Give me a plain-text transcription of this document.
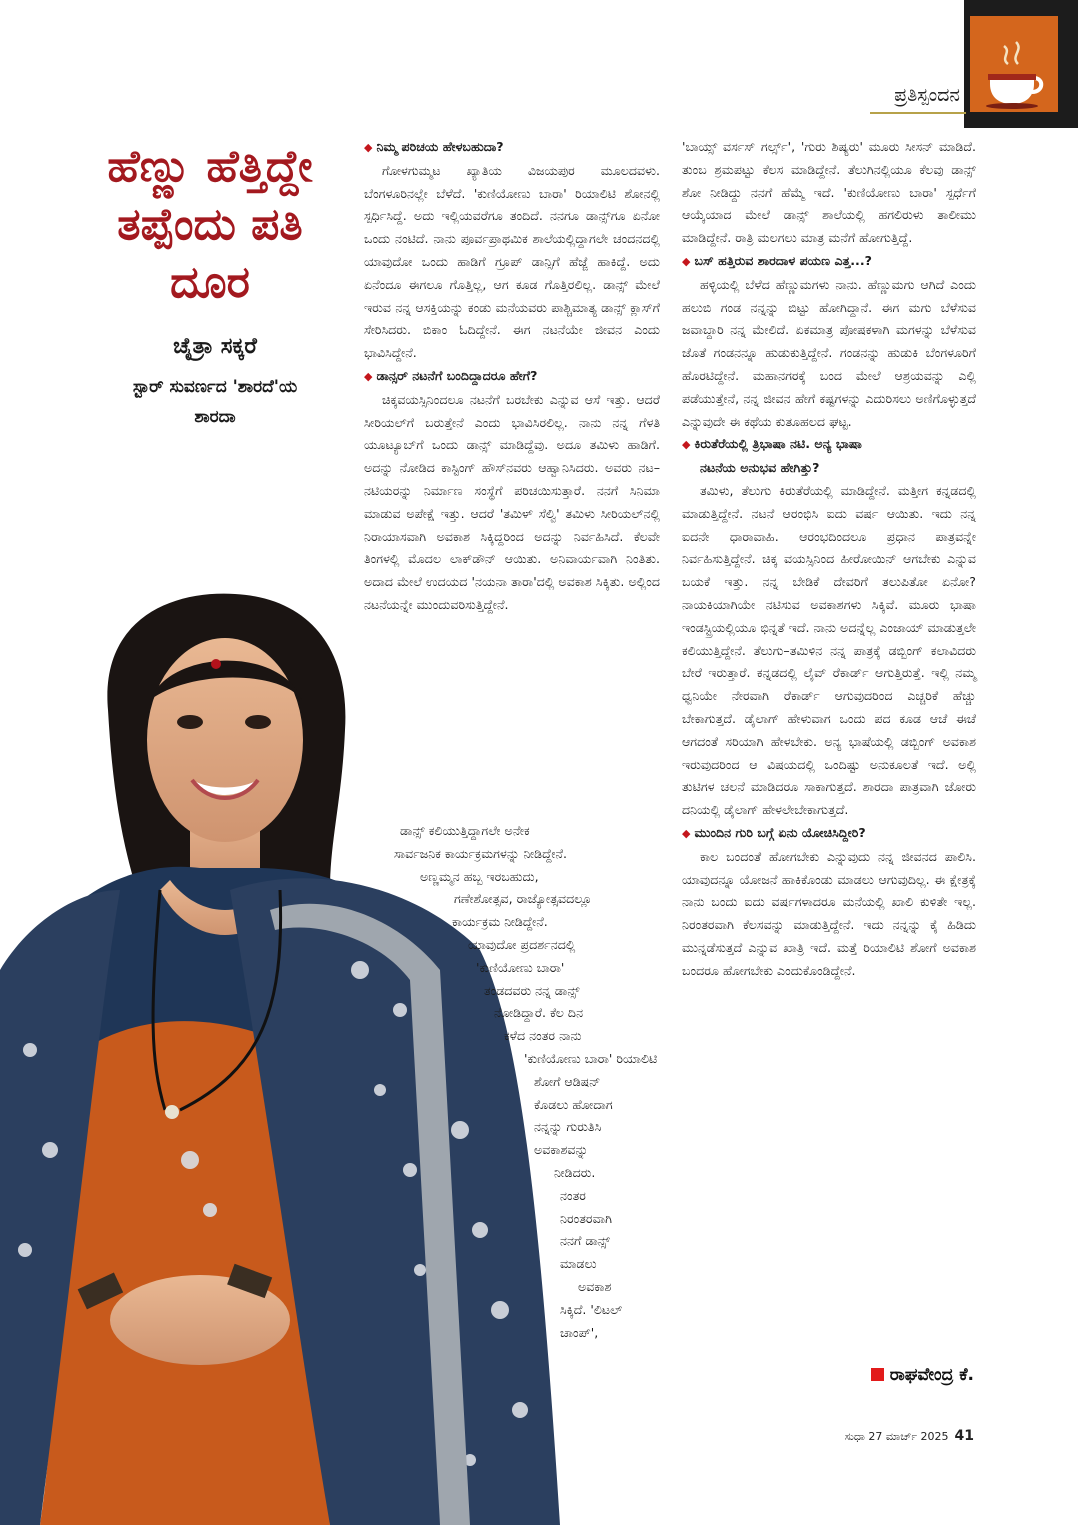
ಪ್ರತಿಸ್ಪಂದನ
ಹೆಣ್ಣು ಹೆತ್ತಿದ್ದೇ
ತಪ್ಪೆಂದು ಪತಿ
ದೂರ
ಚೈತ್ರಾ ಸಕ್ಕರೆ
ಸ್ಟಾರ್ ಸುವರ್ಣದ 'ಶಾರದೆ'ಯ
ಶಾರದಾ

◆ ನಿಮ್ಮ ಪರಿಚಯ ಹೇಳಬಹುದಾ?

ಗೋಳಗುಮ್ಮಟ ಖ್ಯಾತಿಯ ವಿಜಯಪುರ ಮೂಲದವಳು. ಬೆಂಗಳೂರಿನಲ್ಲೇ ಬೆಳೆದೆ. 'ಕುಣಿಯೋಣು ಬಾರಾ' ರಿಯಾಲಿಟಿ ಶೋನಲ್ಲಿ ಸ್ಪರ್ಧಿಸಿದ್ದೆ. ಅದು ಇಲ್ಲಿಯವರೆಗೂ ತಂದಿದೆ. ನನಗೂ ಡಾನ್ಸ್‌ಗೂ ಏನೋ ಒಂದು ನಂಟಿದೆ. ನಾನು ಪೂರ್ವಪ್ರಾಥಮಿಕ ಶಾಲೆಯಲ್ಲಿದ್ದಾಗಲೇ ಚಂದನದಲ್ಲಿ ಯಾವುದೋ ಒಂದು ಹಾಡಿಗೆ ಗ್ರೂಪ್ ಡಾನ್ಸಿಗೆ ಹೆಜ್ಜೆ ಹಾಕಿದ್ದೆ. ಅದು ಏನೆಂದೂ ಈಗಲೂ ಗೊತ್ತಿಲ್ಲ, ಆಗ ಕೂಡ ಗೊತ್ತಿರಲಿಲ್ಲ. ಡಾನ್ಸ್ ಮೇಲೆ ಇರುವ ನನ್ನ ಆಸಕ್ತಿಯನ್ನು ಕಂಡು ಮನೆಯವರು ಪಾಶ್ಚಿಮಾತ್ಯ ಡಾನ್ಸ್ ಕ್ಲಾಸ್‌ಗೆ ಸೇರಿಸಿದರು. ಬಿಕಾಂ ಓದಿದ್ದೇನೆ. ಈಗ ನಟನೆಯೇ ಜೀವನ ಎಂದು ಭಾವಿಸಿದ್ದೇನೆ.

◆ ಡಾನ್ಸರ್ ನಟನೆಗೆ ಬಂದಿದ್ದಾದರೂ ಹೇಗೆ?

ಚಿಕ್ಕವಯಸ್ಸಿನಿಂದಲೂ ನಟನೆಗೆ ಬರಬೇಕು ಎನ್ನುವ ಆಸೆ ಇತ್ತು. ಆದರೆ ಸೀರಿಯಲ್‌ಗೆ ಬರುತ್ತೇನೆ ಎಂದು ಭಾವಿಸಿರಲಿಲ್ಲ. ನಾನು ನನ್ನ ಗೆಳತಿ ಯೂಟ್ಯೂಬ್‌ಗೆ ಒಂದು ಡಾನ್ಸ್ ಮಾಡಿದ್ದೆವು. ಅದೂ ತಮಿಳು ಹಾಡಿಗೆ. ಅದನ್ನು ನೋಡಿದ ಕಾಸ್ಟಿಂಗ್ ಹೌಸ್‌ನವರು ಆಹ್ವಾನಿಸಿದರು. ಅವರು ನಟ–ನಟಿಯರನ್ನು ನಿರ್ಮಾಣ ಸಂಸ್ಥೆಗೆ ಪರಿಚಯಿಸುತ್ತಾರೆ. ನನಗೆ ಸಿನಿಮಾ ಮಾಡುವ ಅಪೇಕ್ಷೆ ಇತ್ತು. ಆದರೆ 'ತಮಿಳ್ ಸೆಲ್ವಿ' ತಮಿಳು ಸೀರಿಯಲ್‌ನಲ್ಲಿ ನಿರಾಯಾಸವಾಗಿ ಅವಕಾಶ ಸಿಕ್ಕಿದ್ದರಿಂದ ಅದನ್ನು ನಿರ್ವಹಿಸಿದೆ. ಕೆಲವೇ ತಿಂಗಳಲ್ಲಿ ಮೊದಲ ಲಾಕ್‌ಡೌನ್ ಆಯಿತು. ಅನಿವಾರ್ಯವಾಗಿ ನಿಂತಿತು. ಅದಾದ ಮೇಲೆ ಉದಯದ 'ನಯನಾ ತಾರಾ'ದಲ್ಲಿ ಅವಕಾಶ ಸಿಕ್ಕಿತು. ಅಲ್ಲಿಂದ ನಟನೆಯನ್ನೇ ಮುಂದುವರಿಸುತ್ತಿದ್ದೇನೆ.

ಡಾನ್ಸ್ ಕಲಿಯುತ್ತಿದ್ದಾಗಲೇ ಅನೇಕ
ಸಾರ್ವಜನಿಕ ಕಾರ್ಯಕ್ರಮಗಳನ್ನು ನೀಡಿದ್ದೇನೆ.
ಅಣ್ಣಮ್ಮನ ಹಬ್ಬ ಇರಬಹುದು,
ಗಣೇಶೋತ್ಸವ, ರಾಜ್ಯೋತ್ಸವದಲ್ಲೂ
ಕಾರ್ಯಕ್ರಮ ನೀಡಿದ್ದೇನೆ.
ಯಾವುದೋ ಪ್ರದರ್ಶನದಲ್ಲಿ
'ಕುಣಿಯೋಣು ಬಾರಾ'
ತಂಡದವರು ನನ್ನ ಡಾನ್ಸ್
ನೋಡಿದ್ದಾರೆ. ಕೆಲ ದಿನ
ಕಳೆದ ನಂತರ ನಾನು
'ಕುಣಿಯೋಣು ಬಾರಾ' ರಿಯಾಲಿಟಿ
ಶೋಗೆ ಆಡಿಷನ್
ಕೊಡಲು ಹೋದಾಗ
ನನ್ನನ್ನು ಗುರುತಿಸಿ
ಅವಕಾಶವನ್ನು
ನೀಡಿದರು.
ನಂತರ
ನಿರಂತರವಾಗಿ
ನನಗೆ ಡಾನ್ಸ್
ಮಾಡಲು
ಅವಕಾಶ
ಸಿಕ್ಕಿದೆ. 'ಲಿಟಲ್
ಚಾಂಪ್',

'ಬಾಯ್ಸ್ ವರ್ಸಸ್ ಗರ್ಲ್ಸ್', 'ಗುರು ಶಿಷ್ಯರು' ಮೂರು ಸೀಸನ್ ಮಾಡಿದೆ. ತುಂಬ ಶ್ರಮಪಟ್ಟು ಕೆಲಸ ಮಾಡಿದ್ದೇನೆ. ತೆಲುಗಿನಲ್ಲಿಯೂ ಕೆಲವು ಡಾನ್ಸ್ ಶೋ ನೀಡಿದ್ದು ನನಗೆ ಹೆಮ್ಮೆ ಇದೆ. 'ಕುಣಿಯೋಣು ಬಾರಾ' ಸ್ಪರ್ಧೆಗೆ ಆಯ್ಕೆಯಾದ ಮೇಲೆ ಡಾನ್ಸ್ ಶಾಲೆಯಲ್ಲಿ ಹಗಲಿರುಳು ತಾಲೀಮು ಮಾಡಿದ್ದೇನೆ. ರಾತ್ರಿ ಮಲಗಲು ಮಾತ್ರ ಮನೆಗೆ ಹೋಗುತ್ತಿದ್ದೆ.

◆ ಬಸ್ ಹತ್ತಿರುವ ಶಾರದಾಳ ಪಯಣ ಎತ್ತ...?

ಹಳ್ಳಿಯಲ್ಲಿ ಬೆಳೆದ ಹೆಣ್ಣುಮಗಳು ನಾನು. ಹೆಣ್ಣುಮಗು ಆಗಿದೆ ಎಂದು ಹಲುಬಿ ಗಂಡ ನನ್ನನ್ನು ಬಿಟ್ಟು ಹೋಗಿದ್ದಾನೆ. ಈಗ ಮಗು ಬೆಳೆಸುವ ಜವಾಬ್ದಾರಿ ನನ್ನ ಮೇಲಿದೆ. ಏಕಮಾತ್ರ ಪೋಷಕಳಾಗಿ ಮಗಳನ್ನು ಬೆಳೆಸುವ ಜೊತೆ ಗಂಡನನ್ನೂ ಹುಡುಕುತ್ತಿದ್ದೇನೆ. ಗಂಡನನ್ನು ಹುಡುಕಿ ಬೆಂಗಳೂರಿಗೆ ಹೊರಟಿದ್ದೇನೆ. ಮಹಾನಗರಕ್ಕೆ ಬಂದ ಮೇಲೆ ಆಶ್ರಯವನ್ನು ಎಲ್ಲಿ ಪಡೆಯುತ್ತೇನೆ, ನನ್ನ ಜೀವನ ಹೇಗೆ ಕಷ್ಟಗಳನ್ನು ಎದುರಿಸಲು ಅಣಿಗೊಳ್ಳುತ್ತದೆ ಎನ್ನುವುದೇ ಈ ಕಥೆಯ ಕುತೂಹಲದ ಘಟ್ಟ.

◆ ಕಿರುತೆರೆಯಲ್ಲಿ ತ್ರಿಭಾಷಾ ನಟಿ. ಅನ್ಯ ಭಾಷಾ

ನಟನೆಯ ಅನುಭವ ಹೇಗಿತ್ತು?

ತಮಿಳು, ತೆಲುಗು ಕಿರುತೆರೆಯಲ್ಲಿ ಮಾಡಿದ್ದೇನೆ. ಮತ್ತೀಗ ಕನ್ನಡದಲ್ಲಿ ಮಾಡುತ್ತಿದ್ದೇನೆ. ನಟನೆ ಆರಂಭಿಸಿ ಐದು ವರ್ಷ ಆಯಿತು. ಇದು ನನ್ನ ಐದನೇ ಧಾರಾವಾಹಿ. ಆರಂಭದಿಂದಲೂ ಪ್ರಧಾನ ಪಾತ್ರವನ್ನೇ ನಿರ್ವಹಿಸುತ್ತಿದ್ದೇನೆ. ಚಿಕ್ಕ ವಯಸ್ಸಿನಿಂದ ಹೀರೋಯಿನ್ ಆಗಬೇಕು ಎನ್ನುವ ಬಯಕೆ ಇತ್ತು. ನನ್ನ ಬೇಡಿಕೆ ದೇವರಿಗೆ ತಲುಪಿತೋ ಏನೋ? ನಾಯಕಿಯಾಗಿಯೇ ನಟಿಸುವ ಅವಕಾಶಗಳು ಸಿಕ್ಕಿವೆ. ಮೂರು ಭಾಷಾ ಇಂಡಸ್ಟ್ರಿಯಲ್ಲಿಯೂ ಭಿನ್ನತೆ ಇದೆ. ನಾನು ಅದನ್ನೆಲ್ಲ ಎಂಜಾಯ್ ಮಾಡುತ್ತಲೇ ಕಲಿಯುತ್ತಿದ್ದೇನೆ. ತೆಲುಗು–ತಮಿಳಿನ ನನ್ನ ಪಾತ್ರಕ್ಕೆ ಡಬ್ಬಿಂಗ್ ಕಲಾವಿದರು ಬೇರೆ ಇರುತ್ತಾರೆ. ಕನ್ನಡದಲ್ಲಿ ಲೈವ್ ರೆಕಾರ್ಡ್ ಆಗುತ್ತಿರುತ್ತೆ. ಇಲ್ಲಿ ನಮ್ಮ ಧ್ವನಿಯೇ ನೇರವಾಗಿ ರೆಕಾರ್ಡ್ ಆಗುವುದರಿಂದ ಎಚ್ಚರಿಕೆ ಹೆಚ್ಚು ಬೇಕಾಗುತ್ತದೆ. ಡೈಲಾಗ್ ಹೇಳುವಾಗ ಒಂದು ಪದ ಕೂಡ ಆಚೆ ಈಚೆ ಆಗದಂತೆ ಸರಿಯಾಗಿ ಹೇಳಬೇಕು. ಅನ್ಯ ಭಾಷೆಯಲ್ಲಿ ಡಬ್ಬಿಂಗ್ ಅವಕಾಶ ಇರುವುದರಿಂದ ಆ ವಿಷಯದಲ್ಲಿ ಒಂದಿಷ್ಟು ಅನುಕೂಲತೆ ಇದೆ. ಅಲ್ಲಿ ತುಟಿಗಳ ಚಲನೆ ಮಾಡಿದರೂ ಸಾಕಾಗುತ್ತದೆ. ಶಾರದಾ ಪಾತ್ರವಾಗಿ ಜೋರು ದನಿಯಲ್ಲಿ ಡೈಲಾಗ್ ಹೇಳಲೇಬೇಕಾಗುತ್ತದೆ.

◆ ಮುಂದಿನ ಗುರಿ ಬಗ್ಗೆ ಏನು ಯೋಚಿಸಿದ್ದೀರಿ?

ಕಾಲ ಬಂದಂತೆ ಹೋಗಬೇಕು ಎನ್ನುವುದು ನನ್ನ ಜೀವನದ ಪಾಲಿಸಿ. ಯಾವುದನ್ನೂ ಯೋಜನೆ ಹಾಕಿಕೊಂಡು ಮಾಡಲು ಆಗುವುದಿಲ್ಲ. ಈ ಕ್ಷೇತ್ರಕ್ಕೆ ನಾನು ಬಂದು ಐದು ವರ್ಷಗಳಾದರೂ ಮನೆಯಲ್ಲಿ ಖಾಲಿ ಕುಳಿತೇ ಇಲ್ಲ. ನಿರಂತರವಾಗಿ ಕೆಲಸವನ್ನು ಮಾಡುತ್ತಿದ್ದೇನೆ. ಇದು ನನ್ನನ್ನು ಕೈ ಹಿಡಿದು ಮುನ್ನಡೆಸುತ್ತದೆ ಎನ್ನುವ ಖಾತ್ರಿ ಇದೆ. ಮತ್ತೆ ರಿಯಾಲಿಟಿ ಶೋಗೆ ಅವಕಾಶ ಬಂದರೂ ಹೋಗಬೇಕು ಎಂದುಕೊಂಡಿದ್ದೇನೆ.

ರಾಘವೇಂದ್ರ ಕೆ.
ಸುಧಾ 27 ಮಾರ್ಚ್ 2025 41
